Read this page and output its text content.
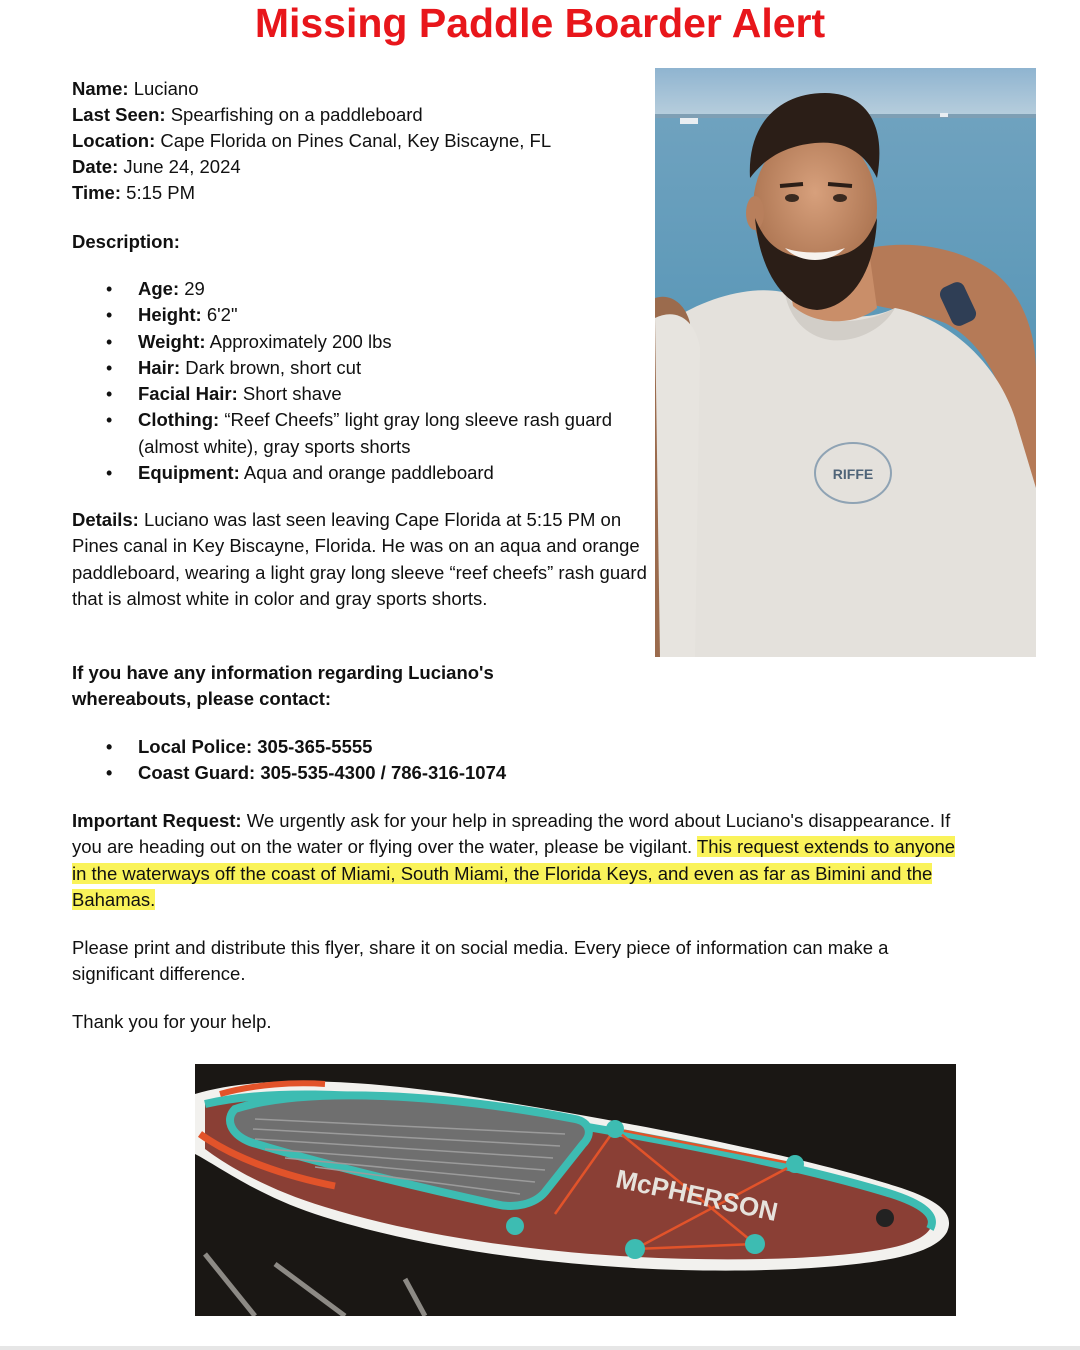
Missing Paddle Boarder Alert
Name: Luciano
Last Seen: Spearfishing on a paddleboard
Location: Cape Florida on Pines Canal, Key Biscayne, FL
Date: June 24, 2024
Time: 5:15 PM
Description:
• Age: 29
• Height: 6'2"
• Weight: Approximately 200 lbs
• Hair: Dark brown, short cut
• Facial Hair: Short shave
• Clothing: “Reef Cheefs” light gray long sleeve rash guard (almost white), gray sports shorts
• Equipment: Aqua and orange paddleboard
Details: Luciano was last seen leaving Cape Florida at 5:15 PM on Pines canal in Key Biscayne, Florida. He was on an aqua and orange paddleboard, wearing a light gray long sleeve “reef cheefs” rash guard that is almost white in color and gray sports shorts.
If you have any information regarding Luciano's whereabouts, please contact:
• Local Police: 305-365-5555
• Coast Guard: 305-535-4300 / 786-316-1074
Important Request: We urgently ask for your help in spreading the word about Luciano's disappearance. If you are heading out on the water or flying over the water, please be vigilant. This request extends to anyone in the waterways off the coast of Miami, South Miami, the Florida Keys, and even as far as Bimini and the Bahamas.
Please print and distribute this flyer, share it on social media. Every piece of information can make a significant difference.
Thank you for your help.
RIFFE
McPHERSON
